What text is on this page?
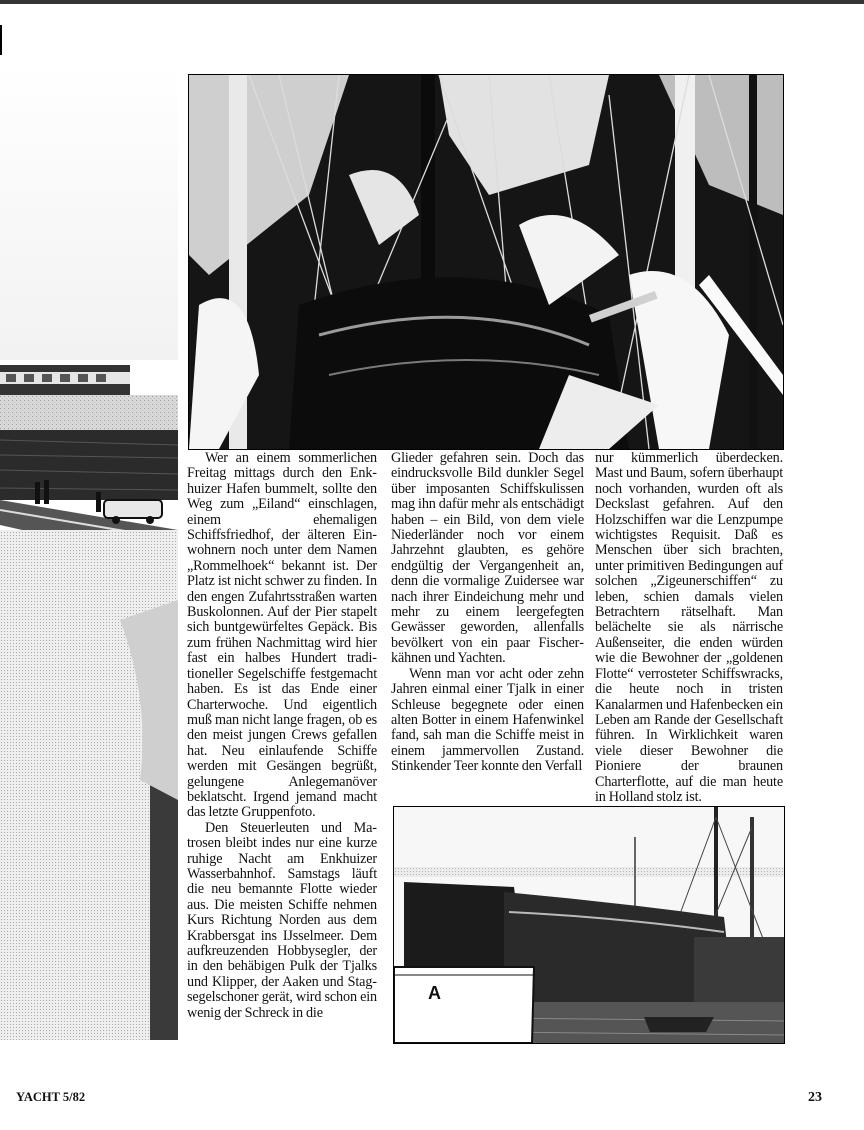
Wer an einem sommerlichen Freitag mittags durch den Enkhuizer Hafen bummelt, sollte den Weg zum „Eiland“ einschlagen, einem ehemaligen Schiffsfriedhof, der älteren Einwohnern noch unter dem Namen „Rommelhoek“ bekannt ist. Der Platz ist nicht schwer zu finden. In den engen Zufahrtsstraßen warten Buskolonnen. Auf der Pier stapelt sich buntgewürfeltes Gepäck. Bis zum frühen Nachmittag wird hier fast ein halbes Hundert traditioneller Segelschiffe festgemacht haben. Es ist das Ende einer Charterwoche. Und eigentlich muß man nicht lange fragen, ob es den meist jungen Crews gefallen hat. Neu einlaufende Schiffe werden mit Gesängen begrüßt, gelungene Anlegemanöver beklatscht. Irgend jemand macht das letzte Gruppenfoto.

Den Steuerleuten und Matrosen bleibt indes nur eine kurze ruhige Nacht am Enkhuizer Wasserbahnhof. Samstags läuft die neu bemannte Flotte wieder aus. Die meisten Schiffe nehmen Kurs Richtung Norden aus dem Krabbersgat ins IJsselmeer. Dem aufkreuzenden Hobbysegler, der in den behäbigen Pulk der Tjalks und Klipper, der Aaken und Stagsegelschoner gerät, wird schon ein wenig der Schreck in die

Glieder gefahren sein. Doch das eindrucksvolle Bild dunkler Segel über imposanten Schiffskulissen mag ihn dafür mehr als entschädigt haben – ein Bild, von dem viele Niederländer noch vor einem Jahrzehnt glaubten, es gehöre endgültig der Vergangenheit an, denn die vormalige Zuidersee war nach ihrer Eindeichung mehr und mehr zu einem leergefegten Gewässer geworden, allenfalls bevölkert von ein paar Fischerkähnen und Yachten.

Wenn man vor acht oder zehn Jahren einmal einer Tjalk in einer Schleuse begegnete oder einen alten Botter in einem Hafenwinkel fand, sah man die Schiffe meist in einem jammervollen Zustand. Stinkender Teer konnte den Verfall

nur kümmerlich überdecken. Mast und Baum, sofern überhaupt noch vorhanden, wurden oft als Deckslast gefahren. Auf den Holzschiffen war die Lenzpumpe wichtigstes Requisit. Daß es Menschen über sich brachten, unter primitiven Bedingungen auf solchen „Zigeunerschiffen“ zu leben, schien damals vielen Betrachtern rätselhaft. Man belächelte sie als närrische Außenseiter, die enden würden wie die Bewohner der „goldenen Flotte“ verrosteter Schiffswracks, die heute noch in tristen Kanalarmen und Hafenbecken ein Leben am Rande der Gesellschaft führen. In Wirklichkeit waren viele dieser Bewohner die Pioniere der braunen Charterflotte, auf die man heute in Holland stolz ist.

A
YACHT 5/82	23
